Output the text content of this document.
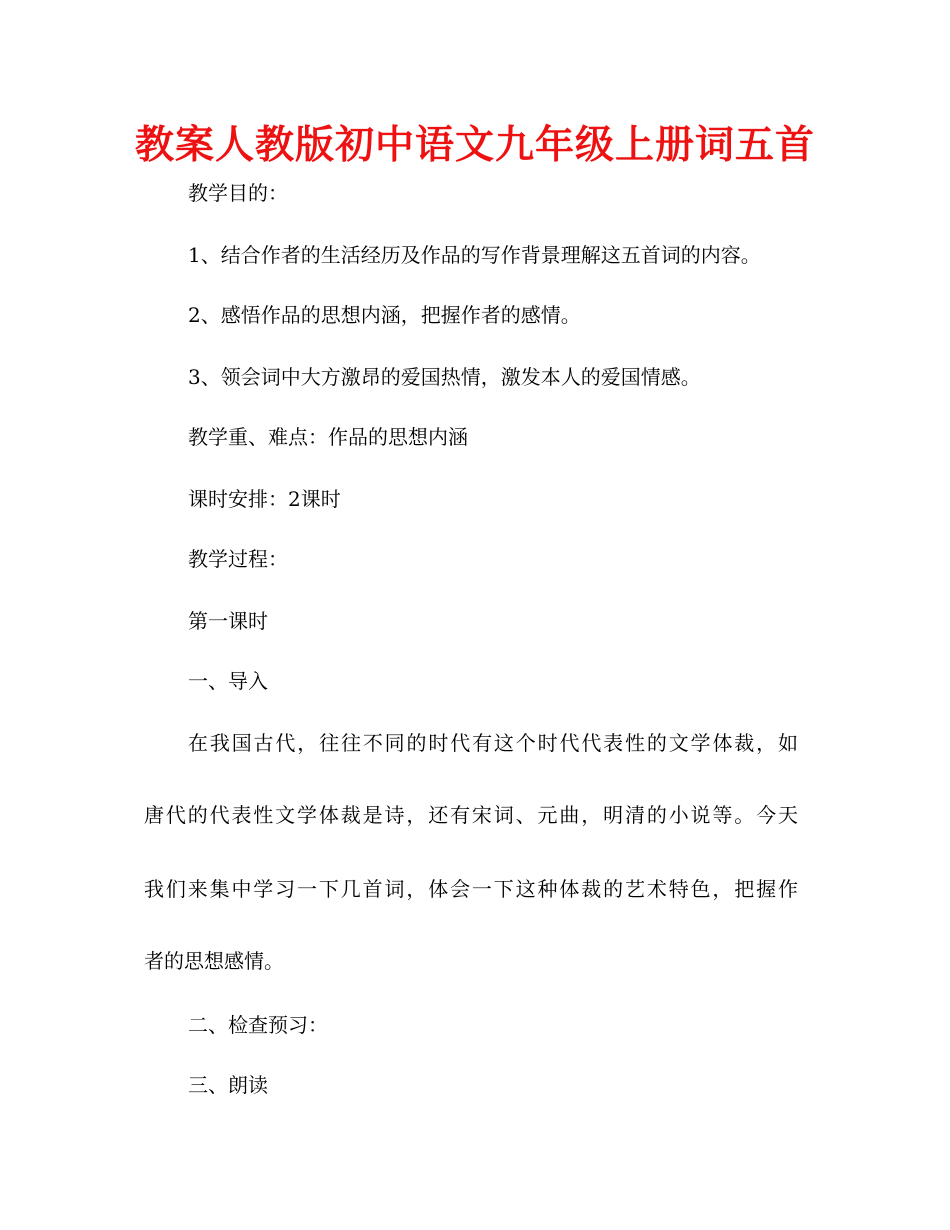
教案人教版初中语文九年级上册词五首
教学目的：
1、结合作者的生活经历及作品的写作背景理解这五首词的内容。
2、感悟作品的思想内涵，把握作者的感情。
3、领会词中大方激昂的爱国热情，激发本人的爱国情感。
教学重、难点：作品的思想内涵
课时安排：2课时
教学过程：
第一课时
一、导入
在我国古代，往往不同的时代有这个时代代表性的文学体裁，如
唐代的代表性文学体裁是诗，还有宋词、元曲，明清的小说等。今天
我们来集中学习一下几首词，体会一下这种体裁的艺术特色，把握作
者的思想感情。
二、检查预习：
三、朗读
